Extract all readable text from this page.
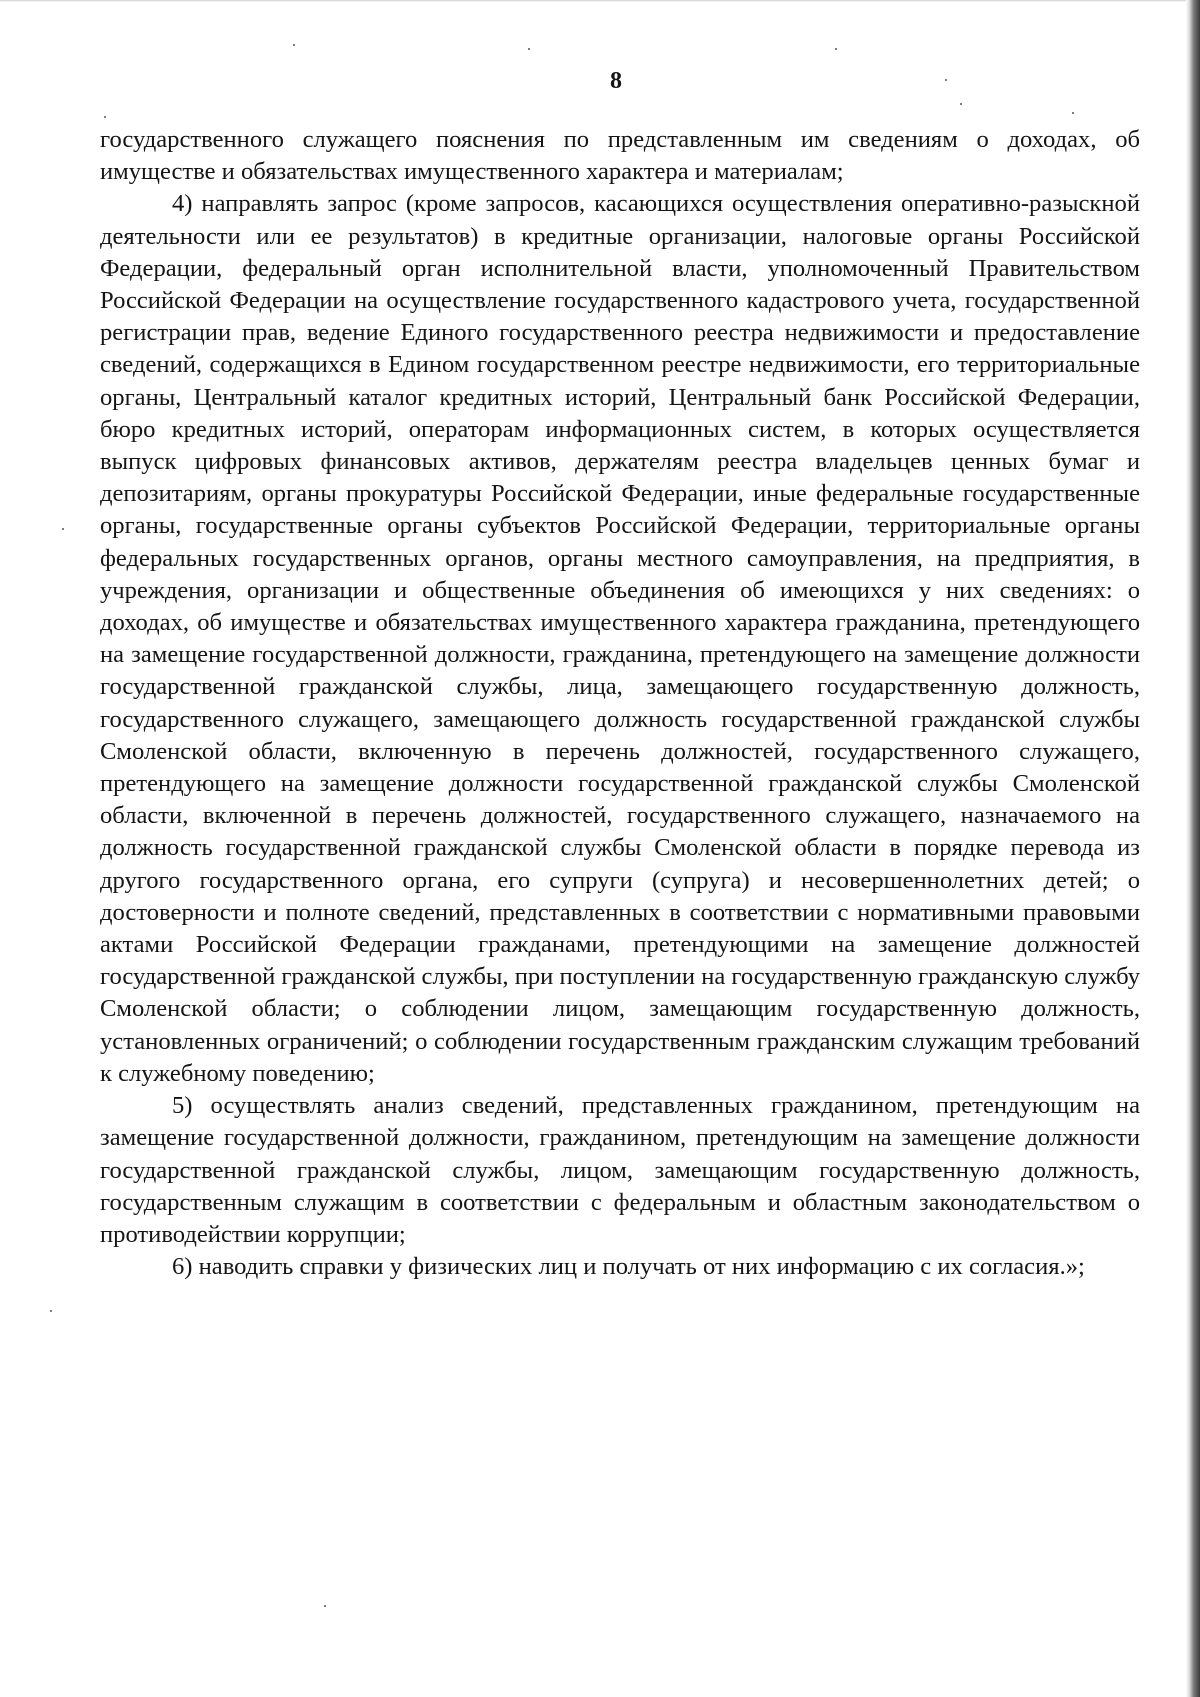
8

государственного служащего пояснения по представленным им сведениям о доходах, об имуществе и обязательствах имущественного характера и материалам;

4) направлять запрос (кроме запросов, касающихся осуществления оперативно-разыскной деятельности или ее результатов) в кредитные организации, налоговые органы Российской Федерации, федеральный орган исполнительной власти, уполномоченный Правительством Российской Федерации на осуществление государственного кадастрового учета, государственной регистрации прав, ведение Единого государственного реестра недвижимости и предоставление сведений, содержащихся в Едином государственном реестре недвижимости, его территориальные органы, Центральный каталог кредитных историй, Центральный банк Российской Федерации, бюро кредитных историй, операторам информационных систем, в которых осуществляется выпуск цифровых финансовых активов, держателям реестра владельцев ценных бумаг и депозитариям, органы прокуратуры Российской Федерации, иные федеральные государственные органы, государственные органы субъектов Российской Федерации, территориальные органы федеральных государственных органов, органы местного самоуправления, на предприятия, в учреждения, организации и общественные объединения об имеющихся у них сведениях: о доходах, об имуществе и обязательствах имущественного характера гражданина, претендующего на замещение государственной должности, гражданина, претендующего на замещение должности государственной гражданской службы, лица, замещающего государственную должность, государственного служащего, замещающего должность государственной гражданской службы Смоленской области, включенную в перечень должностей, государственного служащего, претендующего на замещение должности государственной гражданской службы Смоленской области, включенной в перечень должностей, государственного служащего, назначаемого на должность государственной гражданской службы Смоленской области в порядке перевода из другого государственного органа, его супруги (супруга) и несовершеннолетних детей; о достоверности и полноте сведений, представленных в соответствии с нормативными правовыми актами Российской Федерации гражданами, претендующими на замещение должностей государственной гражданской службы, при поступлении на государственную гражданскую службу Смоленской области; о соблюдении лицом, замещающим государственную должность, установленных ограничений; о соблюдении государственным гражданским служащим требований к служебному поведению;

5) осуществлять анализ сведений, представленных гражданином, претендующим на замещение государственной должности, гражданином, претендующим на замещение должности государственной гражданской службы, лицом, замещающим государственную должность, государственным служащим в соответствии с федеральным и областным законодательством о противодействии коррупции;

6) наводить справки у физических лиц и получать от них информацию с их согласия.»;
